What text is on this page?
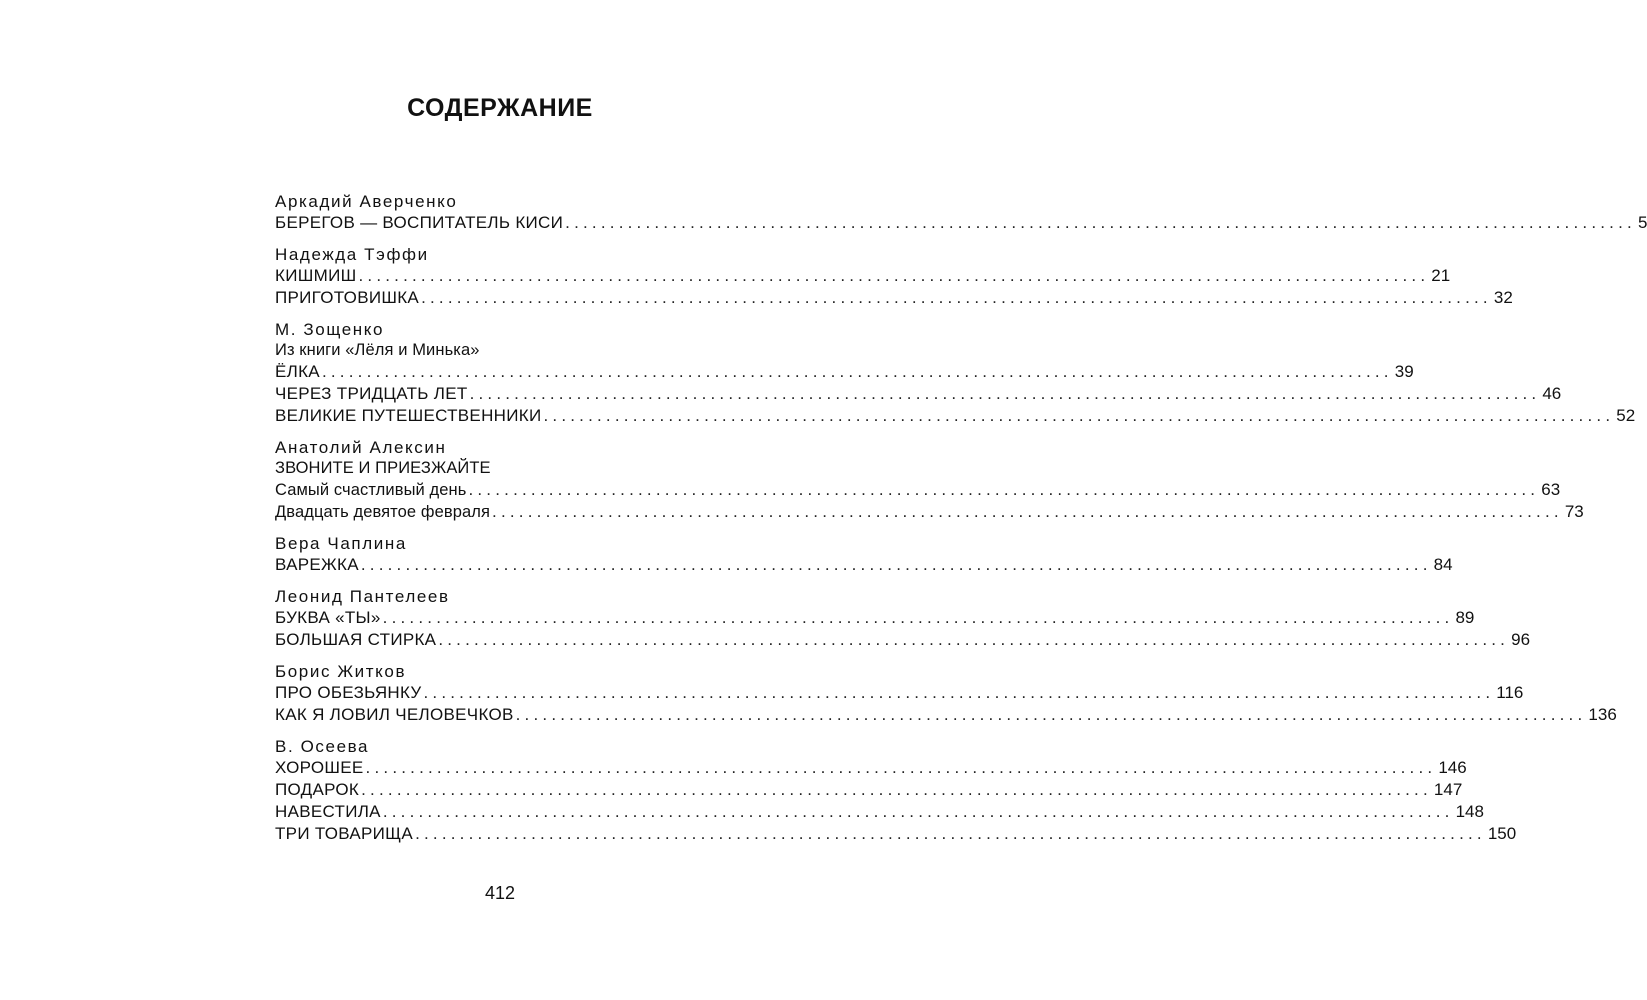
СОДЕРЖАНИЕ
Аркадий Аверченко
БЕРЕГОВ — ВОСПИТАТЕЛЬ КИСИ ........................................................................................................................ 5
Надежда Тэффи
КИШМИШ ........................................................................................................................ 21
ПРИГОТОВИШКА ........................................................................................................................ 32
М. Зощенко
Из книги «Лёля и Минька»
ЁЛКА ........................................................................................................................ 39
ЧЕРЕЗ ТРИДЦАТЬ ЛЕТ ........................................................................................................................ 46
ВЕЛИКИЕ ПУТЕШЕСТВЕННИКИ ........................................................................................................................ 52
Анатолий Алексин
ЗВОНИТЕ И ПРИЕЗЖАЙТЕ
Самый счастливый день ........................................................................................................................ 63
Двадцать девятое февраля ........................................................................................................................ 73
Вера Чаплина
ВАРЕЖКА ........................................................................................................................ 84
Леонид Пантелеев
БУКВА «ТЫ» ........................................................................................................................ 89
БОЛЬШАЯ СТИРКА ........................................................................................................................ 96
Борис Житков
ПРО ОБЕЗЬЯНКУ ........................................................................................................................ 116
КАК Я ЛОВИЛ ЧЕЛОВЕЧКОВ ........................................................................................................................ 136
В. Осеева
ХОРОШЕЕ ........................................................................................................................ 146
ПОДАРОК ........................................................................................................................ 147
НАВЕСТИЛА ........................................................................................................................ 148
ТРИ ТОВАРИЩА ........................................................................................................................ 150
412
